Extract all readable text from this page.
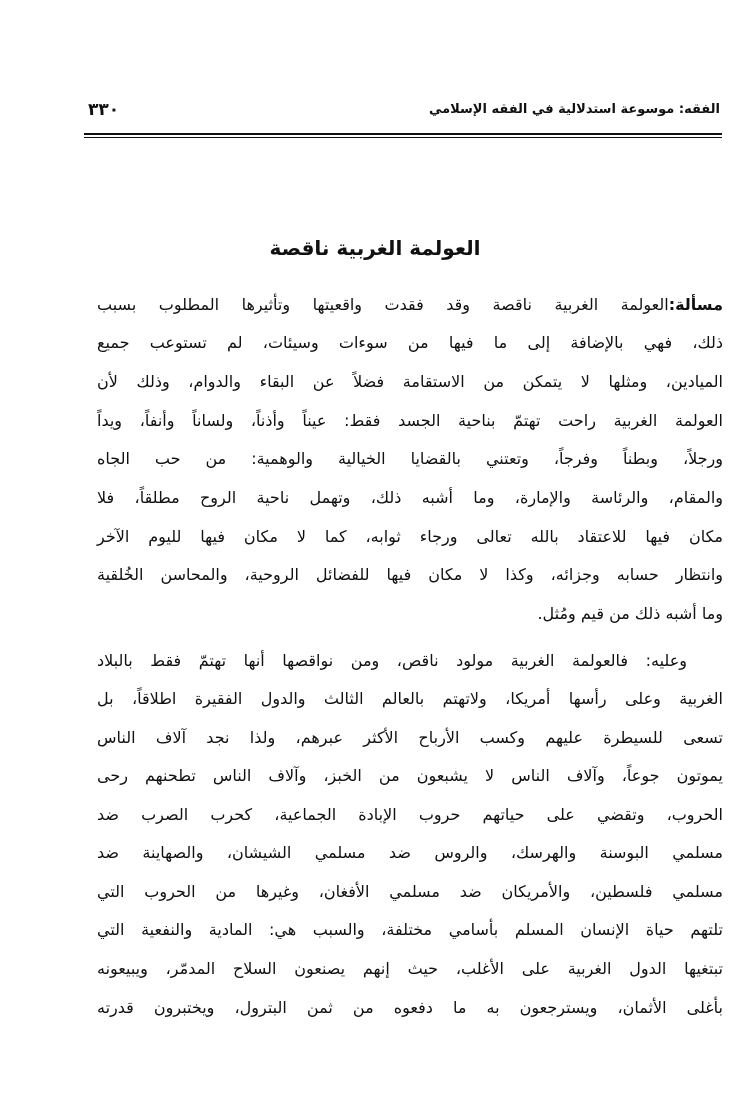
الفقه: موسوعة استدلالية في الفقه الإسلامي
٣٣٠
العولمة الغربية ناقصة
مسألة:العولمة الغربية ناقصة وقد فقدت واقعيتها وتأثيرها المطلوب بسبب
ذلك، فهي بالإضافة إلى ما فيها من سوءات وسيئات، لم تستوعب جميع
الميادين، ومثلها لا يتمكن من الاستقامة فضلاً عن البقاء والدوام، وذلك لأن
العولمة الغربية راحت تهتمّ بناحية الجسد فقط: عيناً وأذناً، ولساناً وأنفاً، ويداً
ورجلاً، وبطناً وفرجاً، وتعتني بالقضايا الخيالية والوهمية: من حب الجاه
والمقام، والرئاسة والإمارة، وما أشبه ذلك، وتهمل ناحية الروح مطلقاً، فلا
مكان فيها للاعتقاد بالله تعالى ورجاء ثوابه، كما لا مكان فيها لليوم الآخر
وانتظار حسابه وجزائه، وكذا لا مكان فيها للفضائل الروحية، والمحاسن الخُلقية
وما أشبه ذلك من قيم ومُثل.
وعليه: فالعولمة الغربية مولود ناقص، ومن نواقصها أنها تهتمّ فقط بالبلاد
الغربية وعلى رأسها أمريكا، ولاتهتم بالعالم الثالث والدول الفقيرة اطلاقاً، بل
تسعى للسيطرة عليهم وكسب الأرباح الأكثر عبرهم، ولذا نجد آلاف الناس
يموتون جوعاً، وآلاف الناس لا يشبعون من الخبز، وآلاف الناس تطحنهم رحى
الحروب، وتقضي على حياتهم حروب الإبادة الجماعية، كحرب الصرب ضد
مسلمي البوسنة والهرسك، والروس ضد مسلمي الشيشان، والصهاينة ضد
مسلمي فلسطين، والأمريكان ضد مسلمي الأفغان، وغيرها من الحروب التي
تلتهم حياة الإنسان المسلم بأسامي مختلفة، والسبب هي: المادية والنفعية التي
تبتغيها الدول الغربية على الأغلب، حيث إنهم يصنعون السلاح المدمّر، ويبيعونه
بأغلى الأثمان، ويسترجعون به ما دفعوه من ثمن البترول، ويختبرون قدرته
